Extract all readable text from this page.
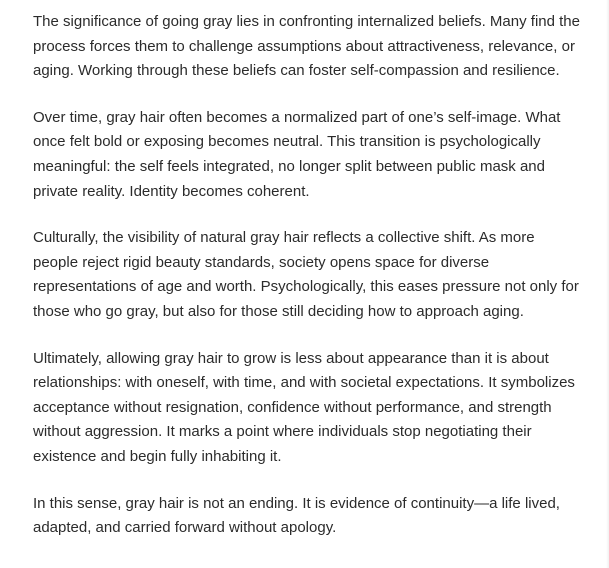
The significance of going gray lies in confronting internalized beliefs. Many find the process forces them to challenge assumptions about attractiveness, relevance, or aging. Working through these beliefs can foster self-compassion and resilience.

Over time, gray hair often becomes a normalized part of one’s self-image. What once felt bold or exposing becomes neutral. This transition is psychologically meaningful: the self feels integrated, no longer split between public mask and private reality. Identity becomes coherent.

Culturally, the visibility of natural gray hair reflects a collective shift. As more people reject rigid beauty standards, society opens space for diverse representations of age and worth. Psychologically, this eases pressure not only for those who go gray, but also for those still deciding how to approach aging.

Ultimately, allowing gray hair to grow is less about appearance than it is about relationships: with oneself, with time, and with societal expectations. It symbolizes acceptance without resignation, confidence without performance, and strength without aggression. It marks a point where individuals stop negotiating their existence and begin fully inhabiting it.

In this sense, gray hair is not an ending. It is evidence of continuity—a life lived, adapted, and carried forward without apology.
